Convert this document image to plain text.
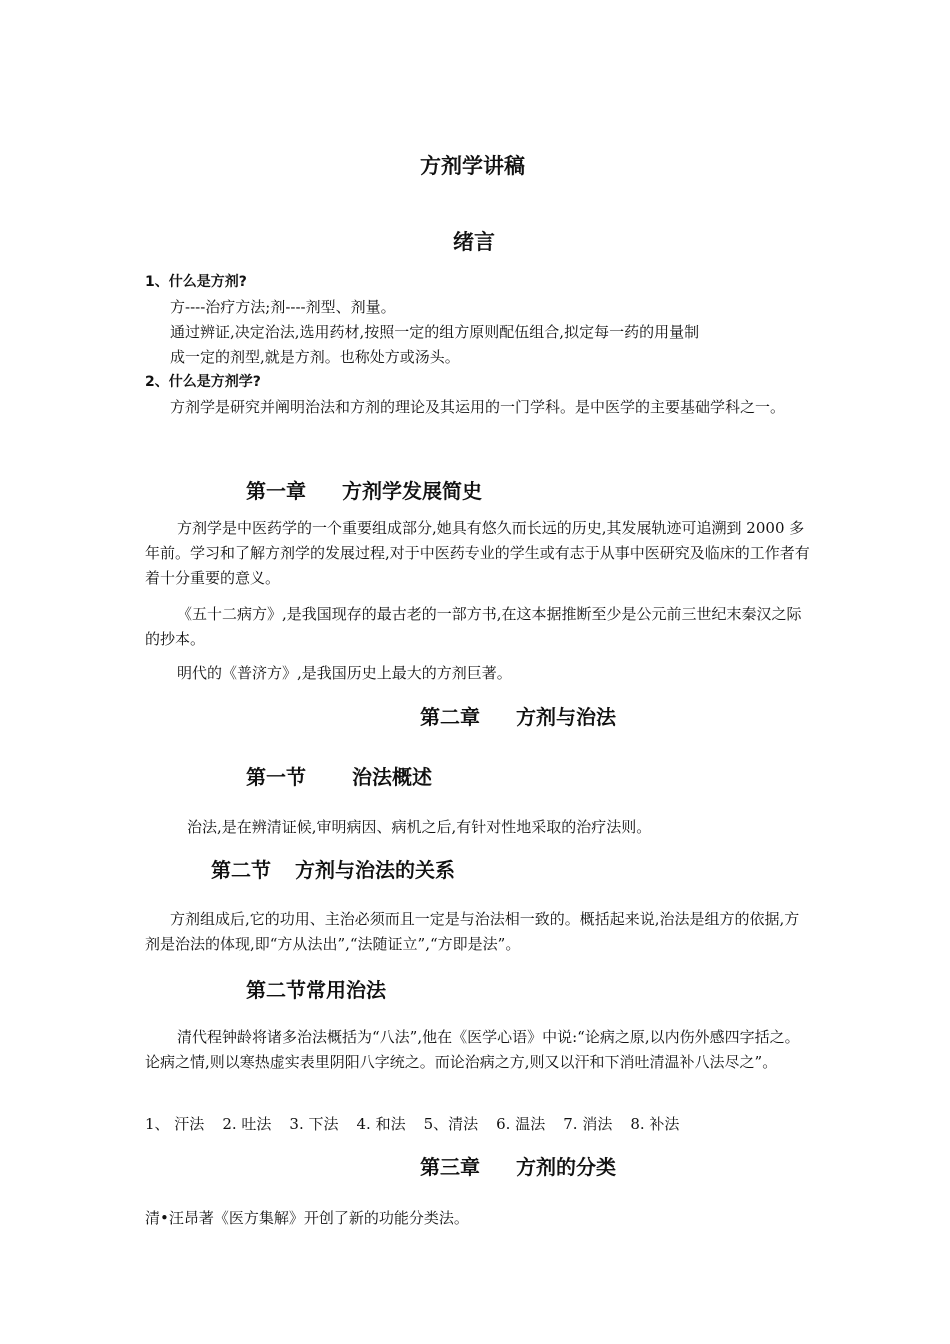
方剂学讲稿
绪言
1、什么是方剂?
方----治疗方法;剂----剂型、剂量。
通过辨证,决定治法,选用药材,按照一定的组方原则配伍组合,拟定每一药的用量制
成一定的剂型,就是方剂。也称处方或汤头。
2、什么是方剂学?
方剂学是研究并阐明治法和方剂的理论及其运用的一门学科。是中医学的主要基础学科之一。
第一章 方剂学发展简史
方剂学是中医药学的一个重要组成部分,她具有悠久而长远的历史,其发展轨迹可追溯到 2000 多年前。学习和了解方剂学的发展过程,对于中医药专业的学生或有志于从事中医研究及临床的工作者有着十分重要的意义。
《五十二病方》,是我国现存的最古老的一部方书,在这本据推断至少是公元前三世纪末秦汉之际的抄本。
明代的《普济方》,是我国历史上最大的方剂巨著。
第二章 方剂与治法
第一节 治法概述
治法,是在辨清证候,审明病因、病机之后,有针对性地采取的治疗法则。
第二节 方剂与治法的关系
方剂组成后,它的功用、主治必须而且一定是与治法相一致的。概括起来说,治法是组方的依据,方剂是治法的体现,即“方从法出”,“法随证立”,“方即是法”。
第二节常用治法
清代程钟龄将诸多治法概括为“八法”,他在《医学心语》中说:“论病之原,以内伤外感四字括之。论病之情,则以寒热虚实表里阴阳八字统之。而论治病之方,则又以汗和下消吐清温补八法尽之”。
1、 汗法 2. 吐法 3. 下法 4. 和法 5、清法 6. 温法 7. 消法 8. 补法
第三章 方剂的分类
清•汪昂著《医方集解》开创了新的功能分类法。
